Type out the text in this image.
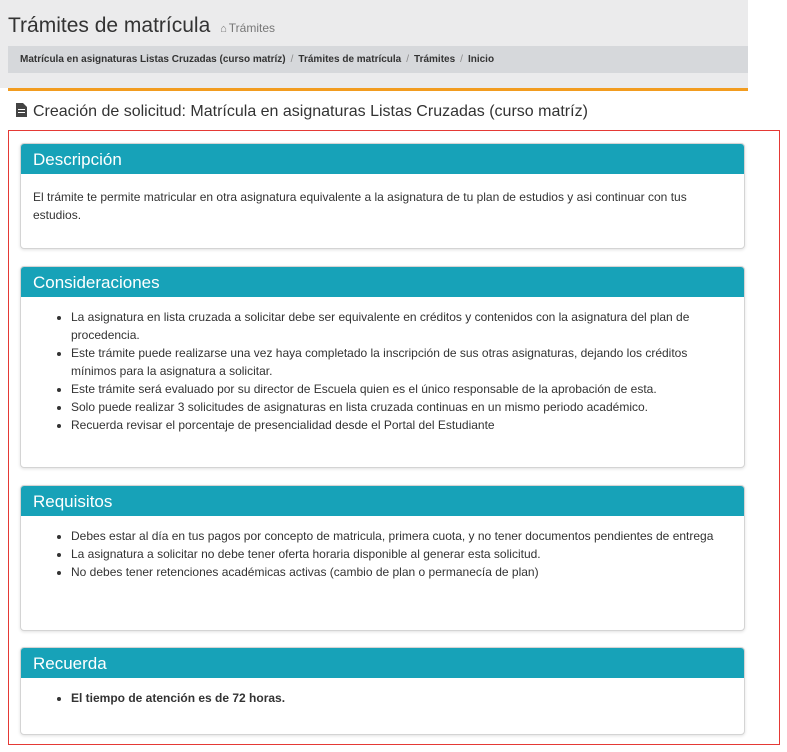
Trámites de matrícula ⌂ Trámites
Matrícula en asignaturas Listas Cruzadas (curso matríz) / Trámites de matrícula / Trámites / Inicio
Creación de solicitud: Matrícula en asignaturas Listas Cruzadas (curso matríz)
Descripción

El trámite te permite matricular en otra asignatura equivalente a la asignatura de tu plan de estudios y asi continuar con tus estudios.

Consideraciones
• La asignatura en lista cruzada a solicitar debe ser equivalente en créditos y contenidos con la asignatura del plan de procedencia.
• Este trámite puede realizarse una vez haya completado la inscripción de sus otras asignaturas, dejando los créditos mínimos para la asignatura a solicitar.
• Este trámite será evaluado por su director de Escuela quien es el único responsable de la aprobación de esta.
• Solo puede realizar 3 solicitudes de asignaturas en lista cruzada continuas en un mismo periodo académico.
• Recuerda revisar el porcentaje de presencialidad desde el Portal del Estudiante
Requisitos
• Debes estar al día en tus pagos por concepto de matricula, primera cuota, y no tener documentos pendientes de entrega
• La asignatura a solicitar no debe tener oferta horaria disponible al generar esta solicitud.
• No debes tener retenciones académicas activas (cambio de plan o permanecía de plan)
Recuerda
• El tiempo de atención es de 72 horas.
